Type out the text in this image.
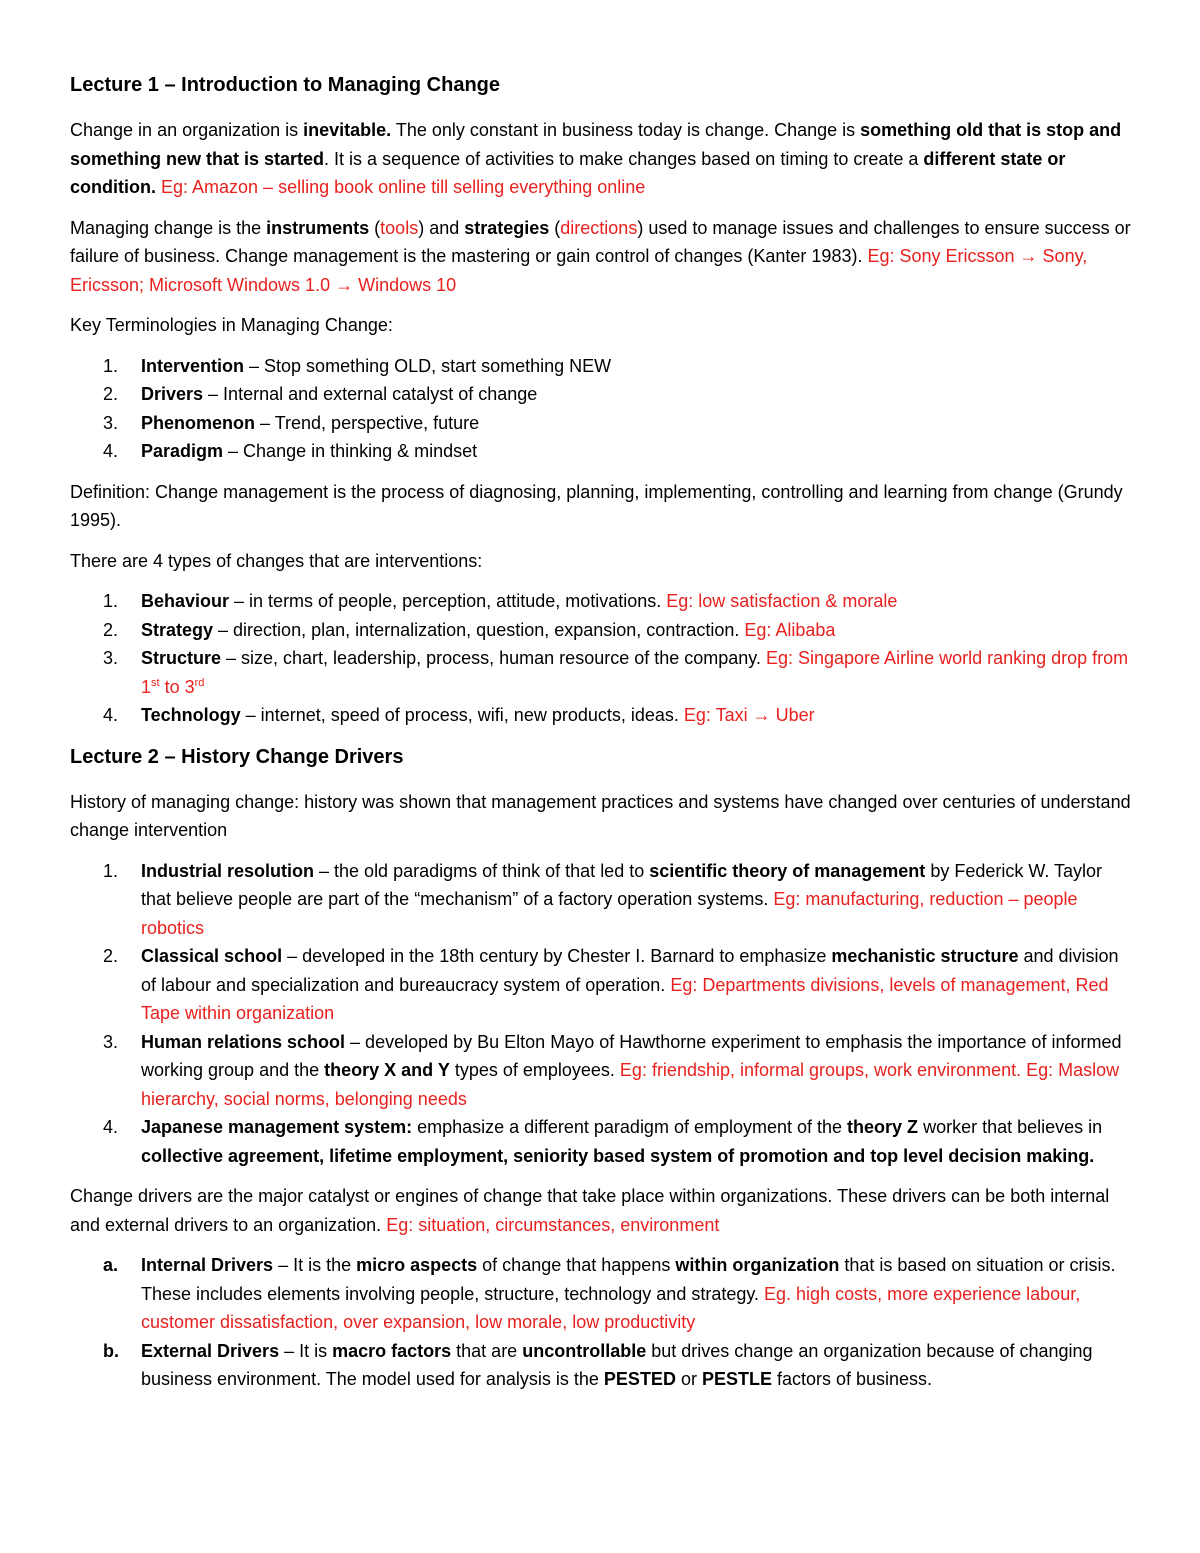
Lecture 1 – Introduction to Managing Change

Change in an organization is inevitable. The only constant in business today is change. Change is something old that is stop and something new that is started. It is a sequence of activities to make changes based on timing to create a different state or condition. Eg: Amazon – selling book online till selling everything online

Managing change is the instruments (tools) and strategies (directions) used to manage issues and challenges to ensure success or failure of business. Change management is the mastering or gain control of changes (Kanter 1983). Eg: Sony Ericsson → Sony, Ericsson; Microsoft Windows 1.0 → Windows 10

Key Terminologies in Managing Change:

1. Intervention – Stop something OLD, start something NEW
2. Drivers – Internal and external catalyst of change
3. Phenomenon – Trend, perspective, future
4. Paradigm – Change in thinking & mindset

Definition: Change management is the process of diagnosing, planning, implementing, controlling and learning from change (Grundy 1995).

There are 4 types of changes that are interventions:

1. Behaviour – in terms of people, perception, attitude, motivations. Eg: low satisfaction & morale
2. Strategy – direction, plan, internalization, question, expansion, contraction. Eg: Alibaba
3. Structure – size, chart, leadership, process, human resource of the company. Eg: Singapore Airline world ranking drop from 1st to 3rd
4. Technology – internet, speed of process, wifi, new products, ideas. Eg: Taxi → Uber
Lecture 2 – History Change Drivers

History of managing change: history was shown that management practices and systems have changed over centuries of understand change intervention

1. Industrial resolution – the old paradigms of think of that led to scientific theory of management by Federick W. Taylor that believe people are part of the “mechanism” of a factory operation systems. Eg: manufacturing, reduction – people robotics
2. Classical school – developed in the 18th century by Chester I. Barnard to emphasize mechanistic structure and division of labour and specialization and bureaucracy system of operation. Eg: Departments divisions, levels of management, Red Tape within organization
3. Human relations school – developed by Bu Elton Mayo of Hawthorne experiment to emphasis the importance of informed working group and the theory X and Y types of employees. Eg: friendship, informal groups, work environment. Eg: Maslow hierarchy, social norms, belonging needs
4. Japanese management system: emphasize a different paradigm of employment of the theory Z worker that believes in collective agreement, lifetime employment, seniority based system of promotion and top level decision making.

Change drivers are the major catalyst or engines of change that take place within organizations. These drivers can be both internal and external drivers to an organization. Eg: situation, circumstances, environment

a. Internal Drivers – It is the micro aspects of change that happens within organization that is based on situation or crisis. These includes elements involving people, structure, technology and strategy. Eg. high costs, more experience labour, customer dissatisfaction, over expansion, low morale, low productivity
b. External Drivers – It is macro factors that are uncontrollable but drives change an organization because of changing business environment. The model used for analysis is the PESTED or PESTLE factors of business.
